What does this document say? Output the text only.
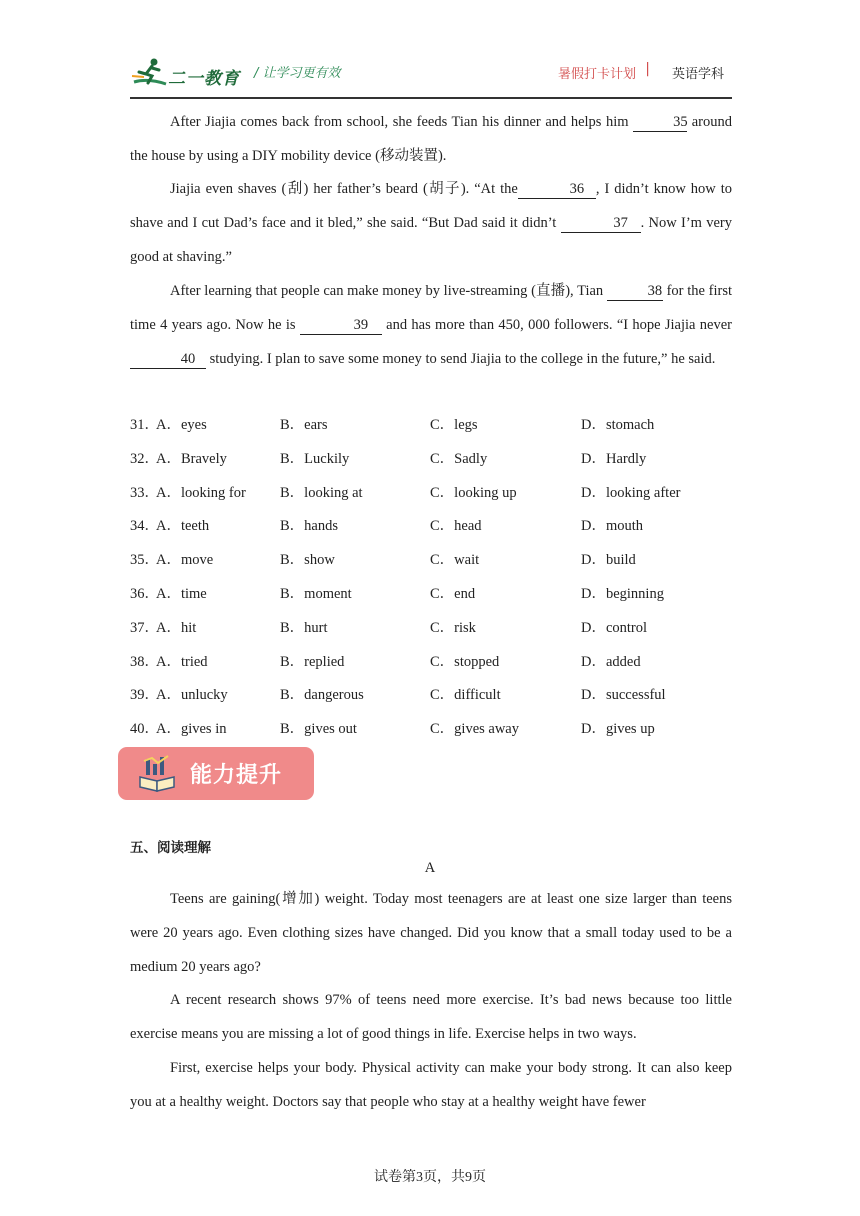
二一教育 / 让学习更有效	暑假打卡计划 | 英语学科

After Jiajia comes back from school, she feeds Tian his dinner and helps him	35 around the house by using a DIY mobility device (移动装置).

Jiajia even shaves (刮) her father’s beard (胡子). “At the	36 , I didn’t know how to shave and I cut Dad’s face and it bled,” she said. “But Dad said it didn’t	37 . Now I’m very good at shaving.”

After learning that people can make money by live-streaming (直播), Tian	38 for the first time 4 years ago. Now he is	39 and has more than 450, 000 followers. “I hope Jiajia never 40 studying. I plan to save some money to send Jiajia to the college in the future,” he said.

31．
A．eyes	B．ears	C．legs	D．stomach
32．
A．Bravely	B．Luckily	C．Sadly	D．Hardly
33．
A．looking for B．looking at	C．looking up	D．looking after
34．
A．teeth	B．hands	C．head	D．mouth
35．
A．move	B．show	C．wait	D．build
36．
A．time	B．moment	C．end	D．beginning
37．
A．hit	B．hurt	C．risk	D．control
38．
A．tried	B．replied	C．stopped	D．added
39．
A．unlucky	B．dangerous	C．difficult	D．successful
40．
A．gives in	B．gives out	C．gives away	D．gives up
能力提升
五、阅读理解
A

Teens are gaining(增加) weight. Today most teenagers are at least one size larger than teens were 20 years ago. Even clothing sizes have changed. Did you know that a small today used to be a medium 20 years ago?

A recent research shows 97% of teens need more exercise. It’s bad news because too little exercise means you are missing a lot of good things in life. Exercise helps in two ways.

First, exercise helps your body. Physical activity can make your body strong. It can also keep you at a healthy weight. Doctors say that people who stay at a healthy weight have fewer

试卷第3页，共9页
